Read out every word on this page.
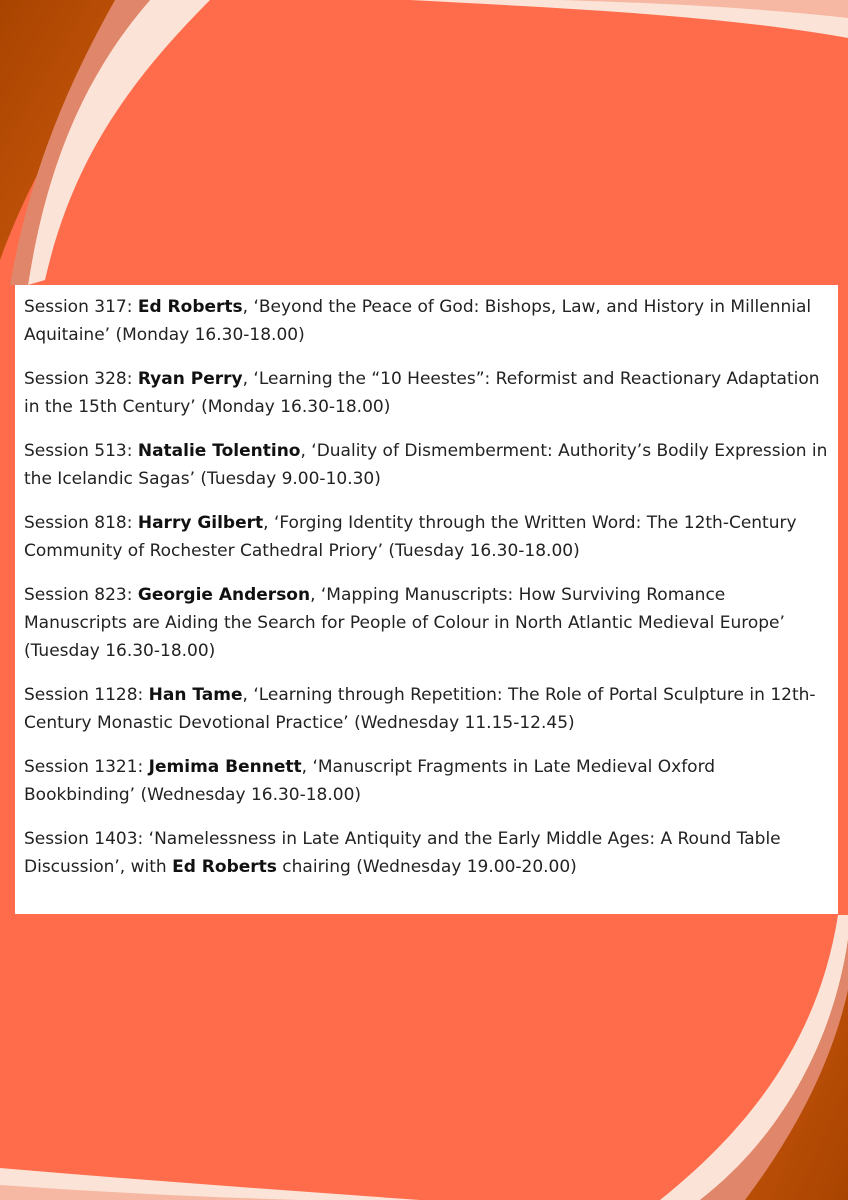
Session 317: Ed Roberts, ‘Beyond the Peace of God: Bishops, Law, and History in Millennial Aquitaine’ (Monday 16.30-18.00)

Session 328: Ryan Perry, ‘Learning the “10 Heestes”: Reformist and Reactionary Adaptation in the 15th Century’ (Monday 16.30-18.00)

Session 513: Natalie Tolentino, ‘Duality of Dismemberment: Authority’s Bodily Expression in the Icelandic Sagas’ (Tuesday 9.00-10.30)

Session 818: Harry Gilbert, ‘Forging Identity through the Written Word: The 12th-Century Community of Rochester Cathedral Priory’ (Tuesday 16.30-18.00)

Session 823: Georgie Anderson, ‘Mapping Manuscripts: How Surviving Romance Manuscripts are Aiding the Search for People of Colour in North Atlantic Medieval Europe’ (Tuesday 16.30-18.00)

Session 1128: Han Tame, ‘Learning through Repetition: The Role of Portal Sculpture in 12th-Century Monastic Devotional Practice’ (Wednesday 11.15-12.45)

Session 1321: Jemima Bennett, ‘Manuscript Fragments in Late Medieval Oxford Bookbinding’ (Wednesday 16.30-18.00)

Session 1403: ‘Namelessness in Late Antiquity and the Early Middle Ages: A Round Table Discussion’, with Ed Roberts chairing (Wednesday 19.00-20.00)
